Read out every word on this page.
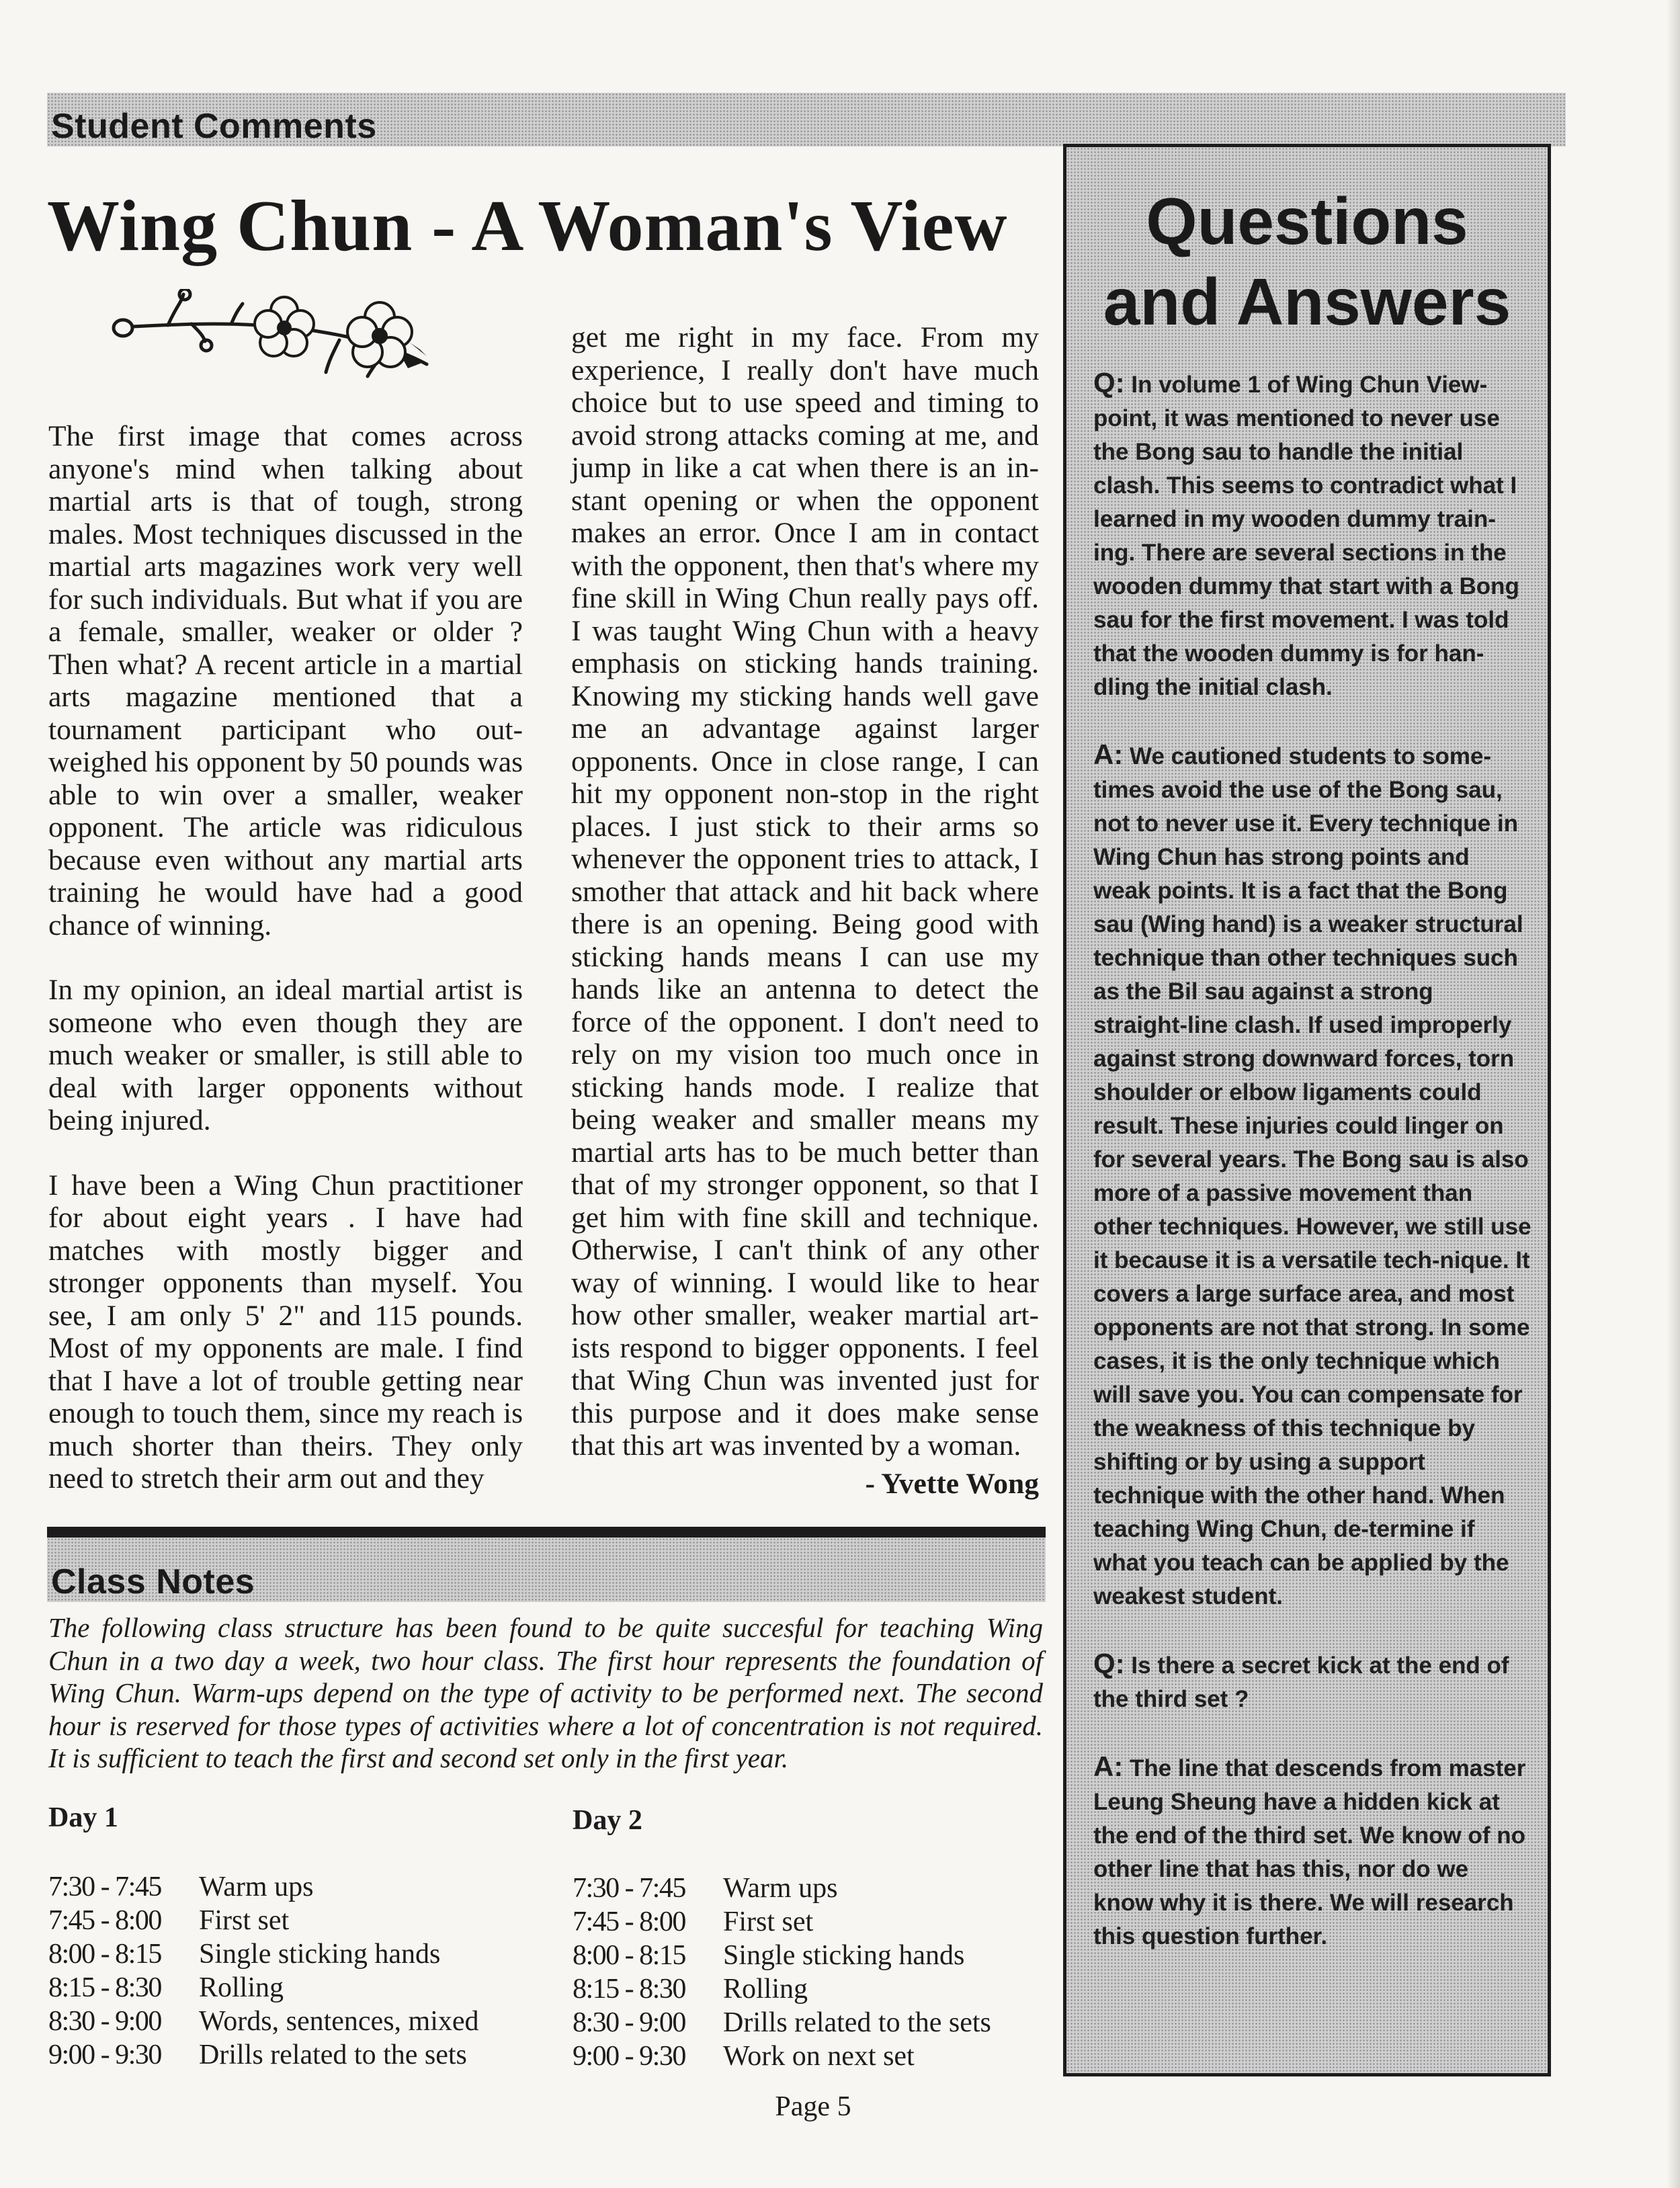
Student Comments
Wing Chun - A Woman's View

The first image that comes across anyone's mind when talking about martial arts is that of tough, strong males. Most techniques discussed in the martial arts magazines work very well for such individuals. But what if you are a female, smaller, weaker or older ? Then what? A recent article in a martial arts magazine mentioned that a tournament participant who out-weighed his opponent by 50 pounds was able to win over a smaller, weaker opponent. The article was ridiculous because even without any martial arts training he would have had a good chance of winning.

In my opinion, an ideal martial artist is someone who even though they are much weaker or smaller, is still able to deal with larger opponents without being injured.

I have been a Wing Chun practitioner for about eight years . I have had matches with mostly bigger and stronger opponents than myself. You see, I am only 5' 2" and 115 pounds. Most of my opponents are male. I find that I have a lot of trouble getting near enough to touch them, since my reach is much shorter than theirs. They only need to stretch their arm out and they

get me right in my face. From my experience, I really don't have much choice but to use speed and timing to avoid strong attacks coming at me, and jump in like a cat when there is an in-stant opening or when the opponent makes an error. Once I am in contact with the opponent, then that's where my fine skill in Wing Chun really pays off. I was taught Wing Chun with a heavy emphasis on sticking hands training. Knowing my sticking hands well gave me an advantage against larger opponents. Once in close range, I can hit my opponent non-stop in the right places. I just stick to their arms so whenever the opponent tries to attack, I smother that attack and hit back where there is an opening. Being good with sticking hands means I can use my hands like an antenna to detect the force of the opponent. I don't need to rely on my vision too much once in sticking hands mode. I realize that being weaker and smaller means my martial arts has to be much better than that of my stronger opponent, so that I get him with fine skill and technique. Otherwise, I can't think of any other way of winning. I would like to hear how other smaller, weaker martial art-ists respond to bigger opponents. I feel that Wing Chun was invented just for this purpose and it does make sense that this art was invented by a woman.

- Yvette Wong
Questions
and Answers
Q: In volume 1 of Wing Chun View-point, it was mentioned to never use the Bong sau to handle the initial clash. This seems to contradict what I learned in my wooden dummy train-ing. There are several sections in the wooden dummy that start with a Bong sau for the first movement. I was told that the wooden dummy is for han-dling the initial clash.
A: We cautioned students to some-times avoid the use of the Bong sau, not to never use it. Every technique in Wing Chun has strong points and weak points. It is a fact that the Bong sau (Wing hand) is a weaker structural technique than other techniques such as the Bil sau against a strong straight-line clash. If used improperly against strong downward forces, torn shoulder or elbow ligaments could result. These injuries could linger on for several years. The Bong sau is also more of a passive movement than other techniques. However, we still use it because it is a versatile tech-nique. It covers a large surface area, and most opponents are not that strong. In some cases, it is the only technique which will save you. You can compensate for the weakness of this technique by shifting or by using a support technique with the other hand. When teaching Wing Chun, de-termine if what you teach can be applied by the weakest student.
Q: Is there a secret kick at the end of the third set ?
A: The line that descends from master Leung Sheung have a hidden kick at the end of the third set. We know of no other line that has this, nor do we know why it is there. We will research this question further.
Class Notes
The following class structure has been found to be quite succesful for teaching Wing Chun in a two day a week, two hour class. The first hour represents the foundation of Wing Chun. Warm-ups depend on the type of activity to be performed next. The second hour is reserved for those types of activities where a lot of concentration is not required. It is sufficient to teach the first and second set only in the first year.
Day 1	Day 2
7:30 - 7:45	Warm ups
7:45 - 8:00	First set
8:00 - 8:15	Single sticking hands
8:15 - 8:30	Rolling
8:30 - 9:00	Words, sentences, mixed
9:00 - 9:30	Drills related to the sets
7:30 - 7:45	Warm ups
7:45 - 8:00	First set
8:00 - 8:15	Single sticking hands
8:15 - 8:30	Rolling
8:30 - 9:00	Drills related to the sets
9:00 - 9:30	Work on next set
Page 5
